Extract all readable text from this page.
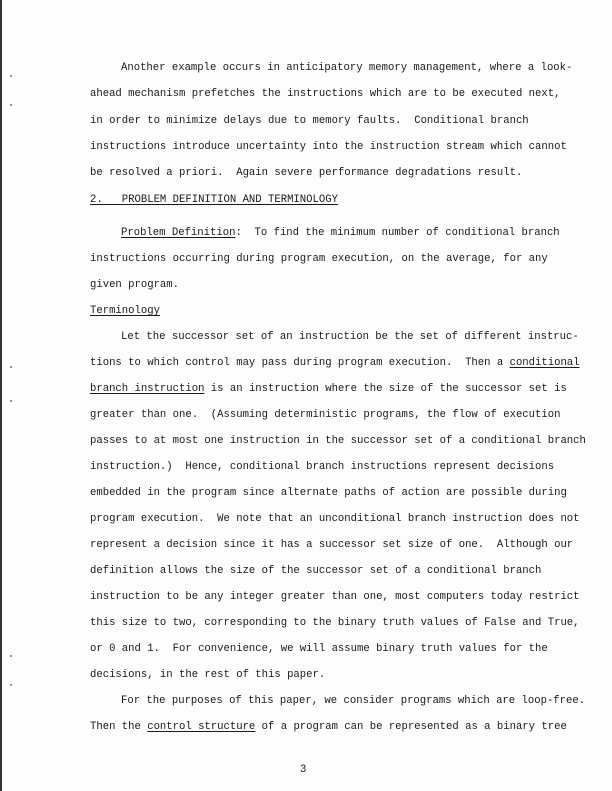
Another example occurs in anticipatory memory management, where a look-
ahead mechanism prefetches the instructions which are to be executed next,
in order to minimize delays due to memory faults.  Conditional branch
instructions introduce uncertainty into the instruction stream which cannot
be resolved a priori.  Again severe performance degradations result.
2.   PROBLEM DEFINITION AND TERMINOLOGY
Problem Definition:  To find the minimum number of conditional branch
instructions occurring during program execution, on the average, for any
given program.
Terminology
Let the successor set of an instruction be the set of different instruc-
tions to which control may pass during program execution.  Then a conditional
branch instruction is an instruction where the size of the successor set is
greater than one.  (Assuming deterministic programs, the flow of execution
passes to at most one instruction in the successor set of a conditional branch
instruction.)  Hence, conditional branch instructions represent decisions
embedded in the program since alternate paths of action are possible during
program execution.  We note that an unconditional branch instruction does not
represent a decision since it has a successor set size of one.  Although our
definition allows the size of the successor set of a conditional branch
instruction to be any integer greater than one, most computers today restrict
this size to two, corresponding to the binary truth values of False and True,
or 0 and 1.  For convenience, we will assume binary truth values for the
decisions, in the rest of this paper.
For the purposes of this paper, we consider programs which are loop-free.
Then the control structure of a program can be represented as a binary tree
3
